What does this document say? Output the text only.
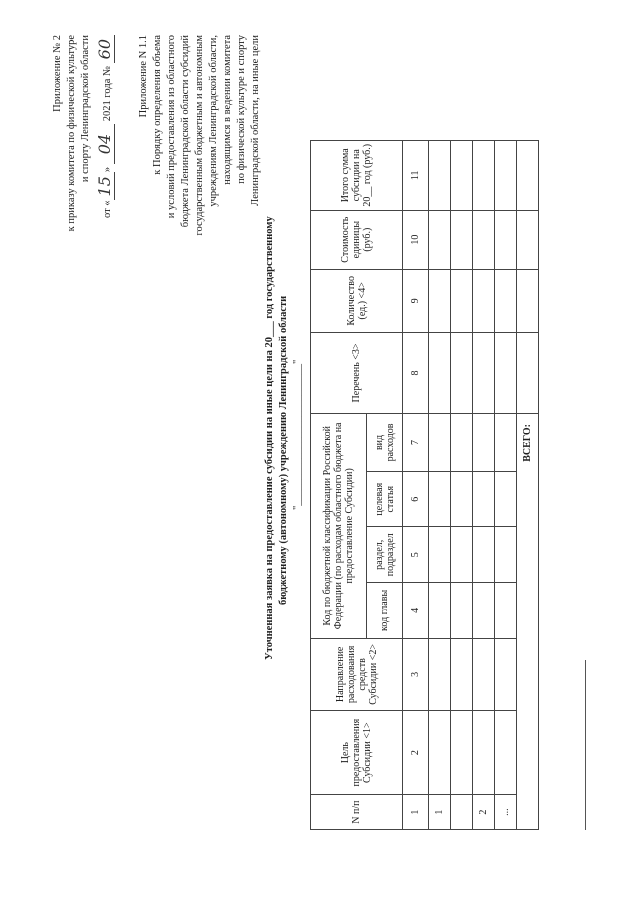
Приложение № 2 к приказу комитета по физической культуре и спорту Ленинградской области
от «15» 04 2021 года № 60 Приложение N 1.1 к Порядку определения объема и условий предоставления из областного бюджета Ленинградской области субсидий государственным бюджетным и автономным учреждениям Ленинградской области, находящимся в ведении комитета по физической культуре и спорту Ленинградской области, на иные цели
Уточненная заявка на предоставление субсидии на иные цели на 20___ год государственному бюджетному (автономному) учреждению Ленинградской области "___________________________"
N п/п	Цель предоставления Субсидии <1>	Направление расходования средств Субсидии <2>	Код по бюджетной классификации Российской Федерации (по расходам областного бюджета на предоставление Субсидии)				Перечень <3>	Количество (ед.) <4>	Стоимость единицы (руб.)	Итого сумма субсидии на 20__ год (руб.)
			код главы	раздел, подраздел	целевая статья	вид расходов				
1	2	3	4	5	6	7	8	9	10	11
1										

2										
...										
ВСЕГО:										
